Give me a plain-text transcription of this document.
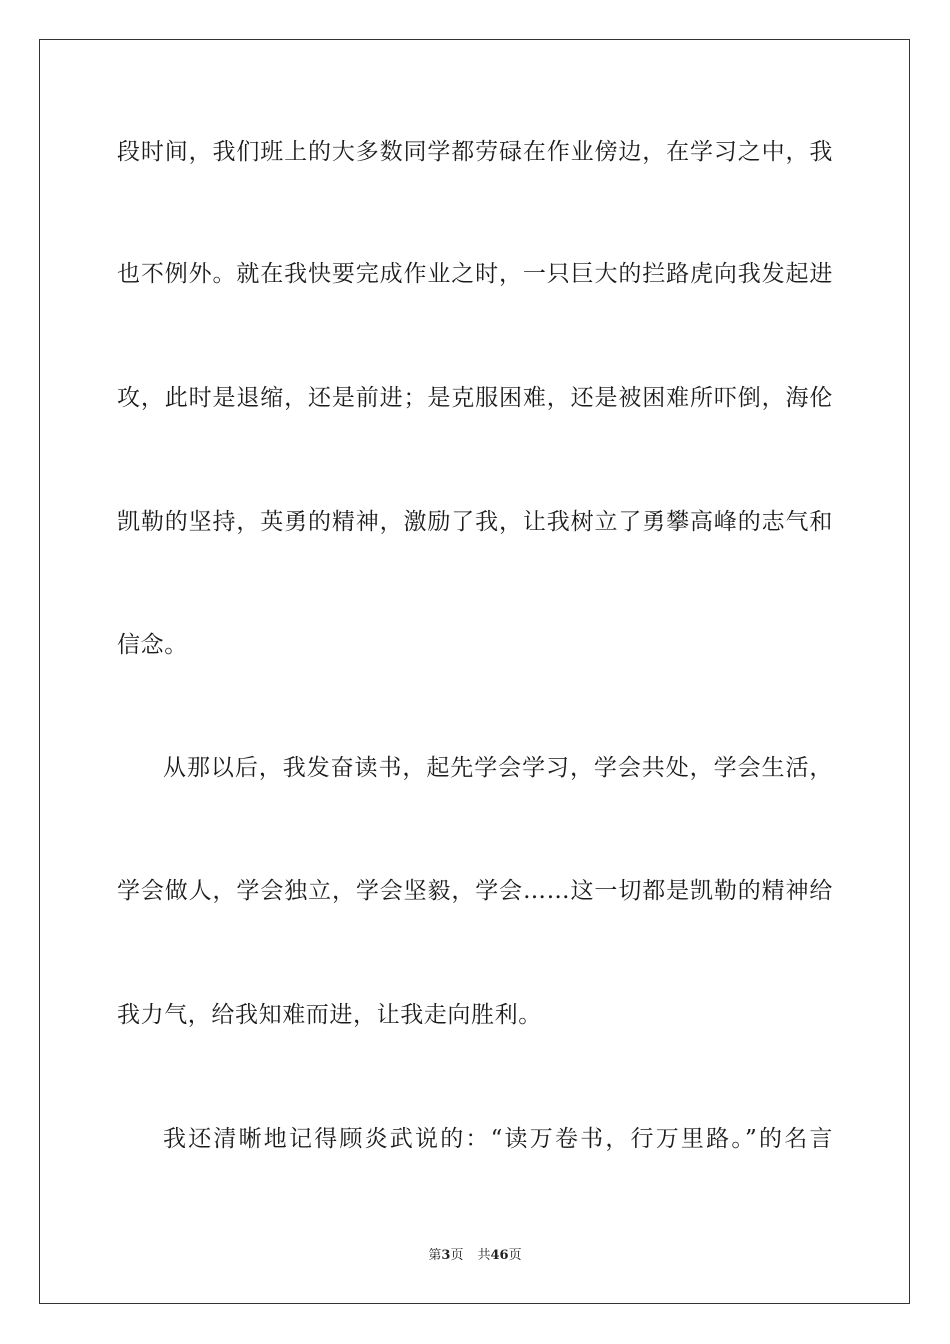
段时间，我们班上的大多数同学都劳碌在作业傍边，在学习之中，我
也不例外。就在我快要完成作业之时，一只巨大的拦路虎向我发起进
攻，此时是退缩，还是前进；是克服困难，还是被困难所吓倒，海伦
凯勒的坚持，英勇的精神，激励了我，让我树立了勇攀高峰的志气和
信念。
从那以后，我发奋读书，起先学会学习，学会共处，学会生活，
学会做人，学会独立，学会坚毅，学会……这一切都是凯勒的精神给
我力气，给我知难而进，让我走向胜利。
我还清晰地记得顾炎武说的：“读万卷书，行万里路。”的名言
第3页 共46页
